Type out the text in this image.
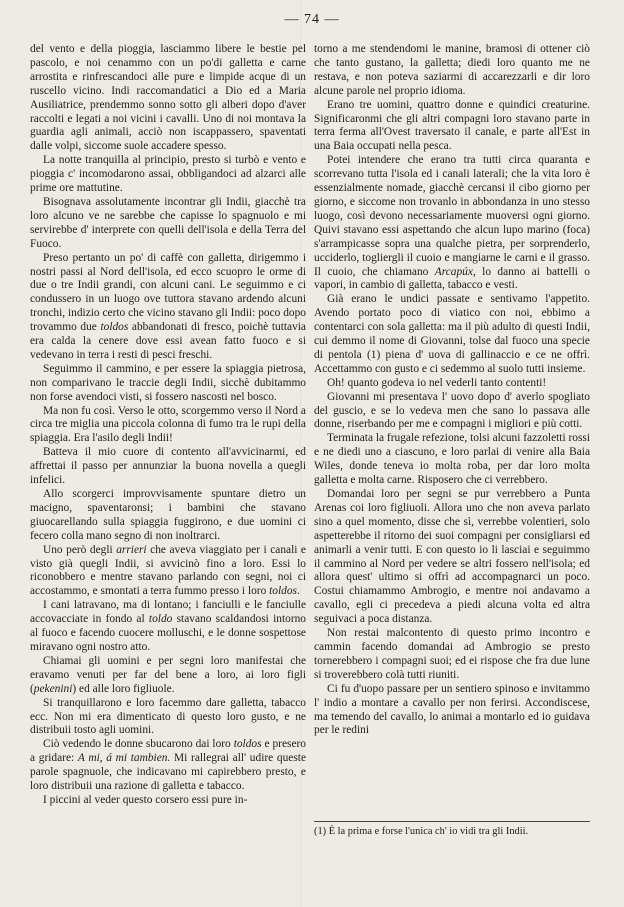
— 74 —

del vento e della pioggia, lasciammo libere le bestie pel pascolo, e noi cenammo con un po'di galletta e carne arrostita e rinfrescandoci alle pure e limpide acque di un ruscello vicino. Indi raccomandatici a Dio ed a Maria Ausiliatrice, prendemmo sonno sotto gli alberi dopo d'aver raccolti e legati a noi vicini i cavalli. Uno di noi montava la guardia agli animali, acciò non iscappassero, spaventati dalle volpi, siccome suole accadere spesso.

La notte tranquilla al principio, presto si turbò e vento e pioggia c' incomodarono assai, obbligandoci ad alzarci alle prime ore mattutine.

Bisognava assolutamente incontrar gli Indii, giacchè tra loro alcuno ve ne sarebbe che capisse lo spagnuolo e mi servirebbe d' interprete con quelli dell'isola e della Terra del Fuoco.

Preso pertanto un po' di caffè con galletta, dirigemmo i nostri passi al Nord dell'isola, ed ecco scuopro le orme di due o tre Indii grandi, con alcuni cani. Le seguimmo e ci condussero in un luogo ove tuttora stavano ardendo alcuni tronchi, indizio certo che vicino stavano gli Indii: poco dopo trovammo due toldos abbandonati di fresco, poichè tuttavia era calda la cenere dove essi avean fatto fuoco e si vedevano in terra i resti di pesci freschi.

Seguimmo il cammino, e per essere la spiaggia pietrosa, non comparivano le traccie degli Indii, sicchè dubitammo non forse avendoci visti, si fossero nascosti nel bosco.

Ma non fu così. Verso le otto, scorgemmo verso il Nord a circa tre miglia una piccola colonna di fumo tra le rupi della spiaggia. Era l'asilo degli Indii!

Batteva il mio cuore di contento all'avvicinarmi, ed affrettai il passo per annunziar la buona novella a quegli infelici.

Allo scorgerci improvvisamente spuntare dietro un macigno, spaventaronsi; i bambini che stavano giuocarellando sulla spiaggia fuggirono, e due uomini ci fecero colla mano segno di non inoltrarci.

Uno però degli arrieri che aveva viaggiato per i canali e visto già quegli Indii, si avvicinò fino a loro. Essi lo riconobbero e mentre stavano parlando con segni, noi ci accostammo, e smontati a terra fummo presso i loro toldos.

I cani latravano, ma di lontano; i fanciulli e le fanciulle accovacciate in fondo al toldo stavano scaldandosi intorno al fuoco e facendo cuocere molluschi, e le donne sospettose miravano ogni nostro atto.

Chiamai gli uomini e per segni loro manifestai che eravamo venuti per far del bene a loro, ai loro figli (pekenini) ed alle loro figliuole.

Si tranquillarono e loro facemmo dare galletta, tabacco ecc. Non mi era dimenticato di questo loro gusto, e ne distribuii tosto agli uomini.

Ciò vedendo le donne sbucarono dai loro toldos e presero a gridare: A mi, á mi tambien. Mi rallegrai all' udire queste parole spagnuole, che indicavano mi capirebbero presto, e loro distribuii una razione di galletta e tabacco.

I piccini al veder questo corsero essi pure in-

torno a me stendendomi le manine, bramosi di ottener ciò che tanto gustano, la galletta; diedi loro quanto me ne restava, e non poteva saziarmi di accarezzarli e dir loro alcune parole nel proprio idioma.

Erano tre uomini, quattro donne e quindici creaturine. Significaronmi che gli altri compagni loro stavano parte in terra ferma all'Ovest traversato il canale, e parte all'Est in una Baia occupati nella pesca.

Potei intendere che erano tra tutti circa quaranta e scorrevano tutta l'isola ed i canali laterali; che la vita loro è essenzialmente nomade, giacchè cercansi il cibo giorno per giorno, e siccome non trovanlo in abbondanza in uno stesso luogo, così devono necessariamente muoversi ogni giorno. Quivi stavano essi aspettando che alcun lupo marino (foca) s'arrampicasse sopra una qualche pietra, per sorprenderlo, ucciderlo, togliergli il cuoio e mangiarne le carni e il grasso. Il cuoio, che chiamano Arcapúx, lo danno ai battelli o vapori, in cambio di galletta, tabacco e vesti.

Già erano le undici passate e sentivamo l'appetito. Avendo portato poco di viatico con noi, ebbimo a contentarci con sola galletta: ma il più adulto di questi Indii, cui demmo il nome di Giovanni, tolse dal fuoco una specie di pentola (1) piena d' uova di gallinaccio e ce ne offrì. Accettammo con gusto e ci sedemmo al suolo tutti insieme.

Oh! quanto godeva io nel vederli tanto contenti!

Giovanni mi presentava l' uovo dopo d' averlo spogliato del guscio, e se lo vedeva men che sano lo passava alle donne, riserbando per me e compagni i migliori e più cotti.

Terminata la frugale refezione, tolsi alcuni fazzoletti rossi e ne diedi uno a ciascuno, e loro parlai di venire alla Baia Wiles, donde teneva io molta roba, per dar loro molta galletta e molta carne. Risposero che ci verrebbero.

Domandai loro per segni se pur verrebbero a Punta Arenas coi loro figliuoli. Allora uno che non aveva parlato sino a quel momento, disse che sì, verrebbe volentieri, solo aspetterebbe il ritorno dei suoi compagni per consigliarsi ed animarli a venir tutti. E con questo io li lasciai e seguimmo il cammino al Nord per vedere se altri fossero nell'isola; ed allora quest' ultimo si offrì ad accompagnarci un poco. Costui chiamammo Ambrogio, e mentre noi andavamo a cavallo, egli ci precedeva a piedi alcuna volta ed altra seguivaci a poca distanza.

Non restai malcontento di questo primo incontro e cammin facendo domandai ad Ambrogio se presto tornerebbero i compagni suoi; ed ei rispose che fra due lune si troverebbero colà tutti riuniti.

Ci fu d'uopo passare per un sentiero spinoso e invitammo l' indio a montare a cavallo per non ferirsi. Accondiscese, ma temendo del cavallo, lo animai a montarlo ed io guidava per le redini

(1) È la prima e forse l'unica ch' io vidi tra gli Indii.
